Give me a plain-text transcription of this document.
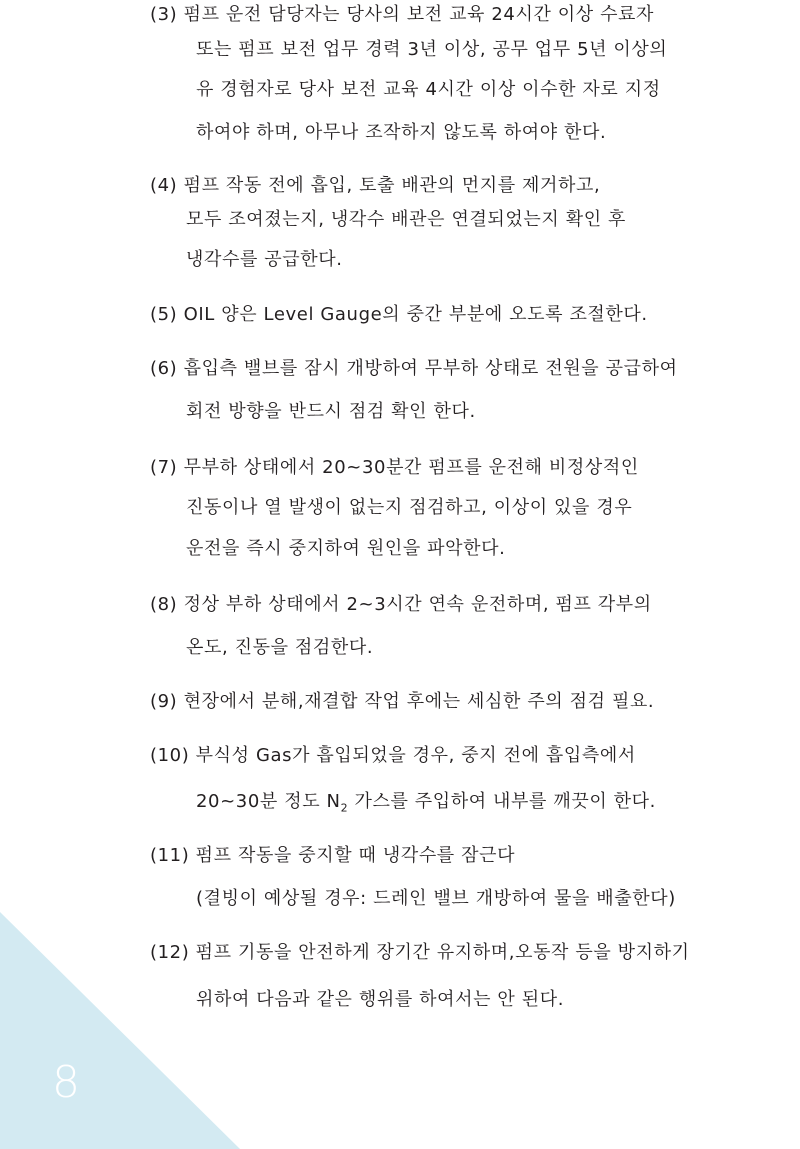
(3) 펌프 운전 담당자는 당사의 보전 교육 24시간 이상 수료자
또는 펌프 보전 업무 경력 3년 이상, 공무 업무 5년 이상의
유 경험자로 당사 보전 교육 4시간 이상 이수한 자로 지정
하여야 하며, 아무나 조작하지 않도록 하여야 한다.
(4) 펌프 작동 전에 흡입, 토출 배관의 먼지를 제거하고,
모두 조여졌는지, 냉각수 배관은 연결되었는지 확인 후
냉각수를 공급한다.
(5) OIL 양은 Level Gauge의 중간 부분에 오도록 조절한다.
(6) 흡입측 밸브를 잠시 개방하여 무부하 상태로 전원을 공급하여
회전 방향을 반드시 점검 확인 한다.
(7) 무부하 상태에서 20~30분간 펌프를 운전해 비정상적인
진동이나 열 발생이 없는지 점검하고, 이상이 있을 경우
운전을 즉시 중지하여 원인을 파악한다.
(8) 정상 부하 상태에서 2~3시간 연속 운전하며, 펌프 각부의
온도, 진동을 점검한다.
(9) 현장에서 분해,재결합 작업 후에는 세심한 주의 점검 필요.
(10) 부식성 Gas가 흡입되었을 경우, 중지 전에 흡입측에서
20~30분 정도 $N_2$ 가스를 주입하여 내부를 깨끗이 한다.
(11) 펌프 작동을 중지할 때 냉각수를 잠근다
(결빙이 예상될 경우: 드레인 밸브 개방하여 물을 배출한다)
(12) 펌프 기동을 안전하게 장기간 유지하며,오동작 등을 방지하기
위하여 다음과 같은 행위를 하여서는 안 된다.
8
